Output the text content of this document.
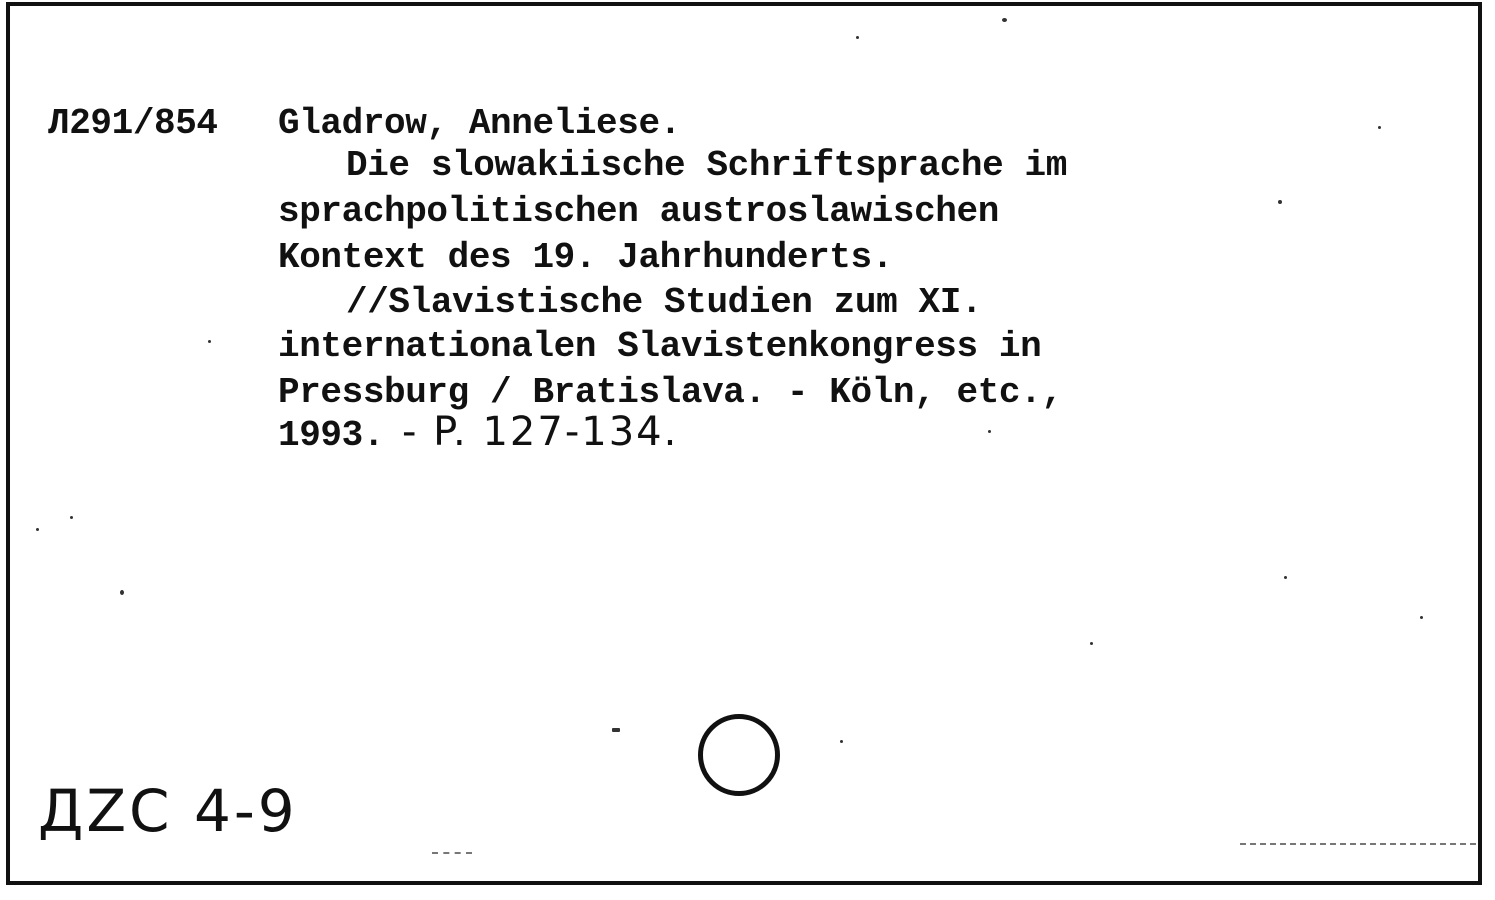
Л291/854 Gladrow, Anneliese.
Die slowakiische Schriftsprache im
sprachpolitischen austroslawischen
Kontext des 19. Jahrhunderts.
//Slavistische Studien zum XI.
internationalen Slavistenkongress in
Pressburg / Bratislava. - Köln, etc.,
1993. - P. 127-134.
ДZC 4-9
